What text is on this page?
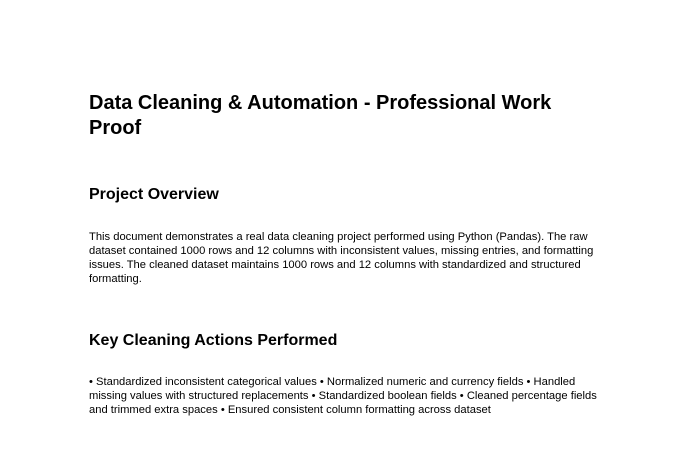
Data Cleaning & Automation - Professional Work Proof
Project Overview

This document demonstrates a real data cleaning project performed using Python (Pandas). The raw dataset contained 1000 rows and 12 columns with inconsistent values, missing entries, and formatting issues. The cleaned dataset maintains 1000 rows and 12 columns with standardized and structured formatting.

Key Cleaning Actions Performed

• Standardized inconsistent categorical values • Normalized numeric and currency fields • Handled missing values with structured replacements • Standardized boolean fields • Cleaned percentage fields and trimmed extra spaces • Ensured consistent column formatting across dataset
